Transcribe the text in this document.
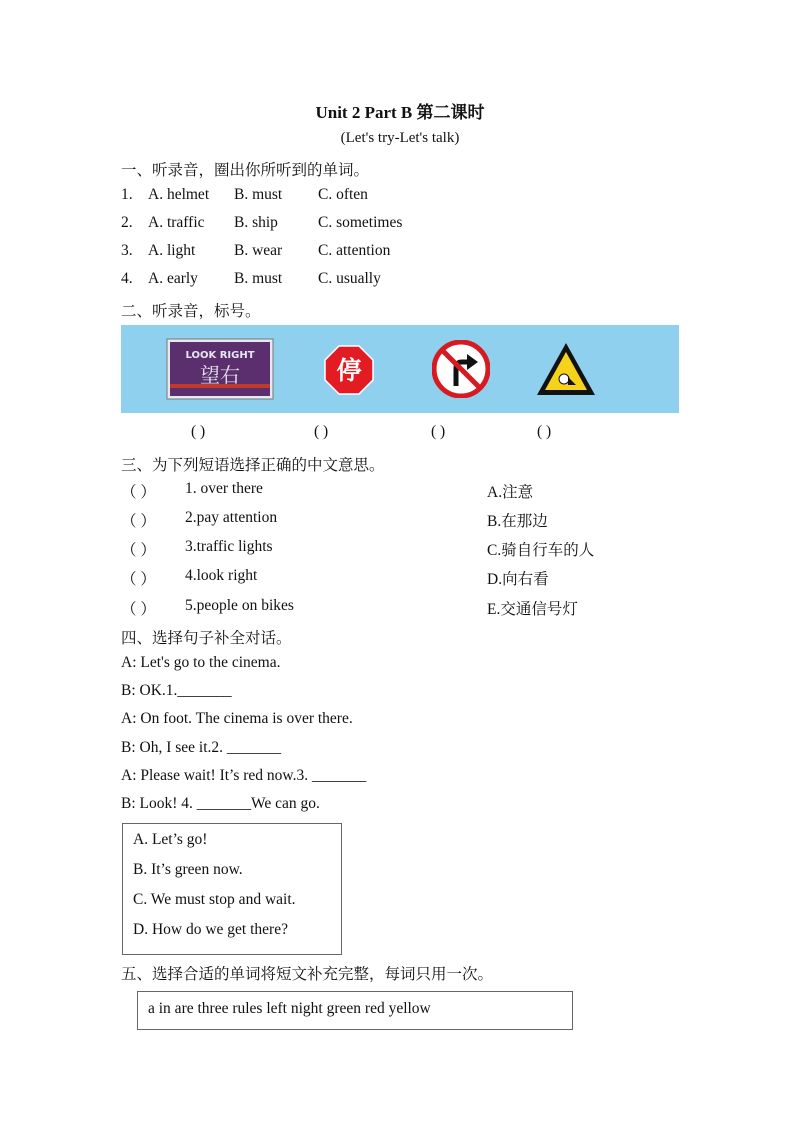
Unit 2 Part B 第二课时
(Let's try-Let's talk)
一、听录音，圈出你所听到的单词。
1. A. helmet B. must C. often
2. A. traffic B. ship	C. sometimes
3. A. light B. wear C. attention
4. A. early B. must C. usually
二、听录音，标号。
LOOK RIGHT
望右	停
( )	( )	( )	( )
三、为下列短语选择正确的中文意思。
（ ） 1. over there	A.注意
（ ） 2.pay attention	B.在那边
（ ） 3.traffic lights	C.骑自行车的人
（ ） 4.look right	D.向右看
（ ） 5.people on bikes	E.交通信号灯
四、选择句子补全对话。
A: Let's go to the cinema.
B: OK.1._______
A: On foot. The cinema is over there.
B: Oh, I see it.2. _______
A: Please wait! It’s red now.3. _______
B: Look! 4. _______We can go.
A. Let’s go!
B. It’s green now.
C. We must stop and wait.
D. How do we get there?
五、选择合适的单词将短文补充完整，每词只用一次。
a in are three rules left night green red yellow
